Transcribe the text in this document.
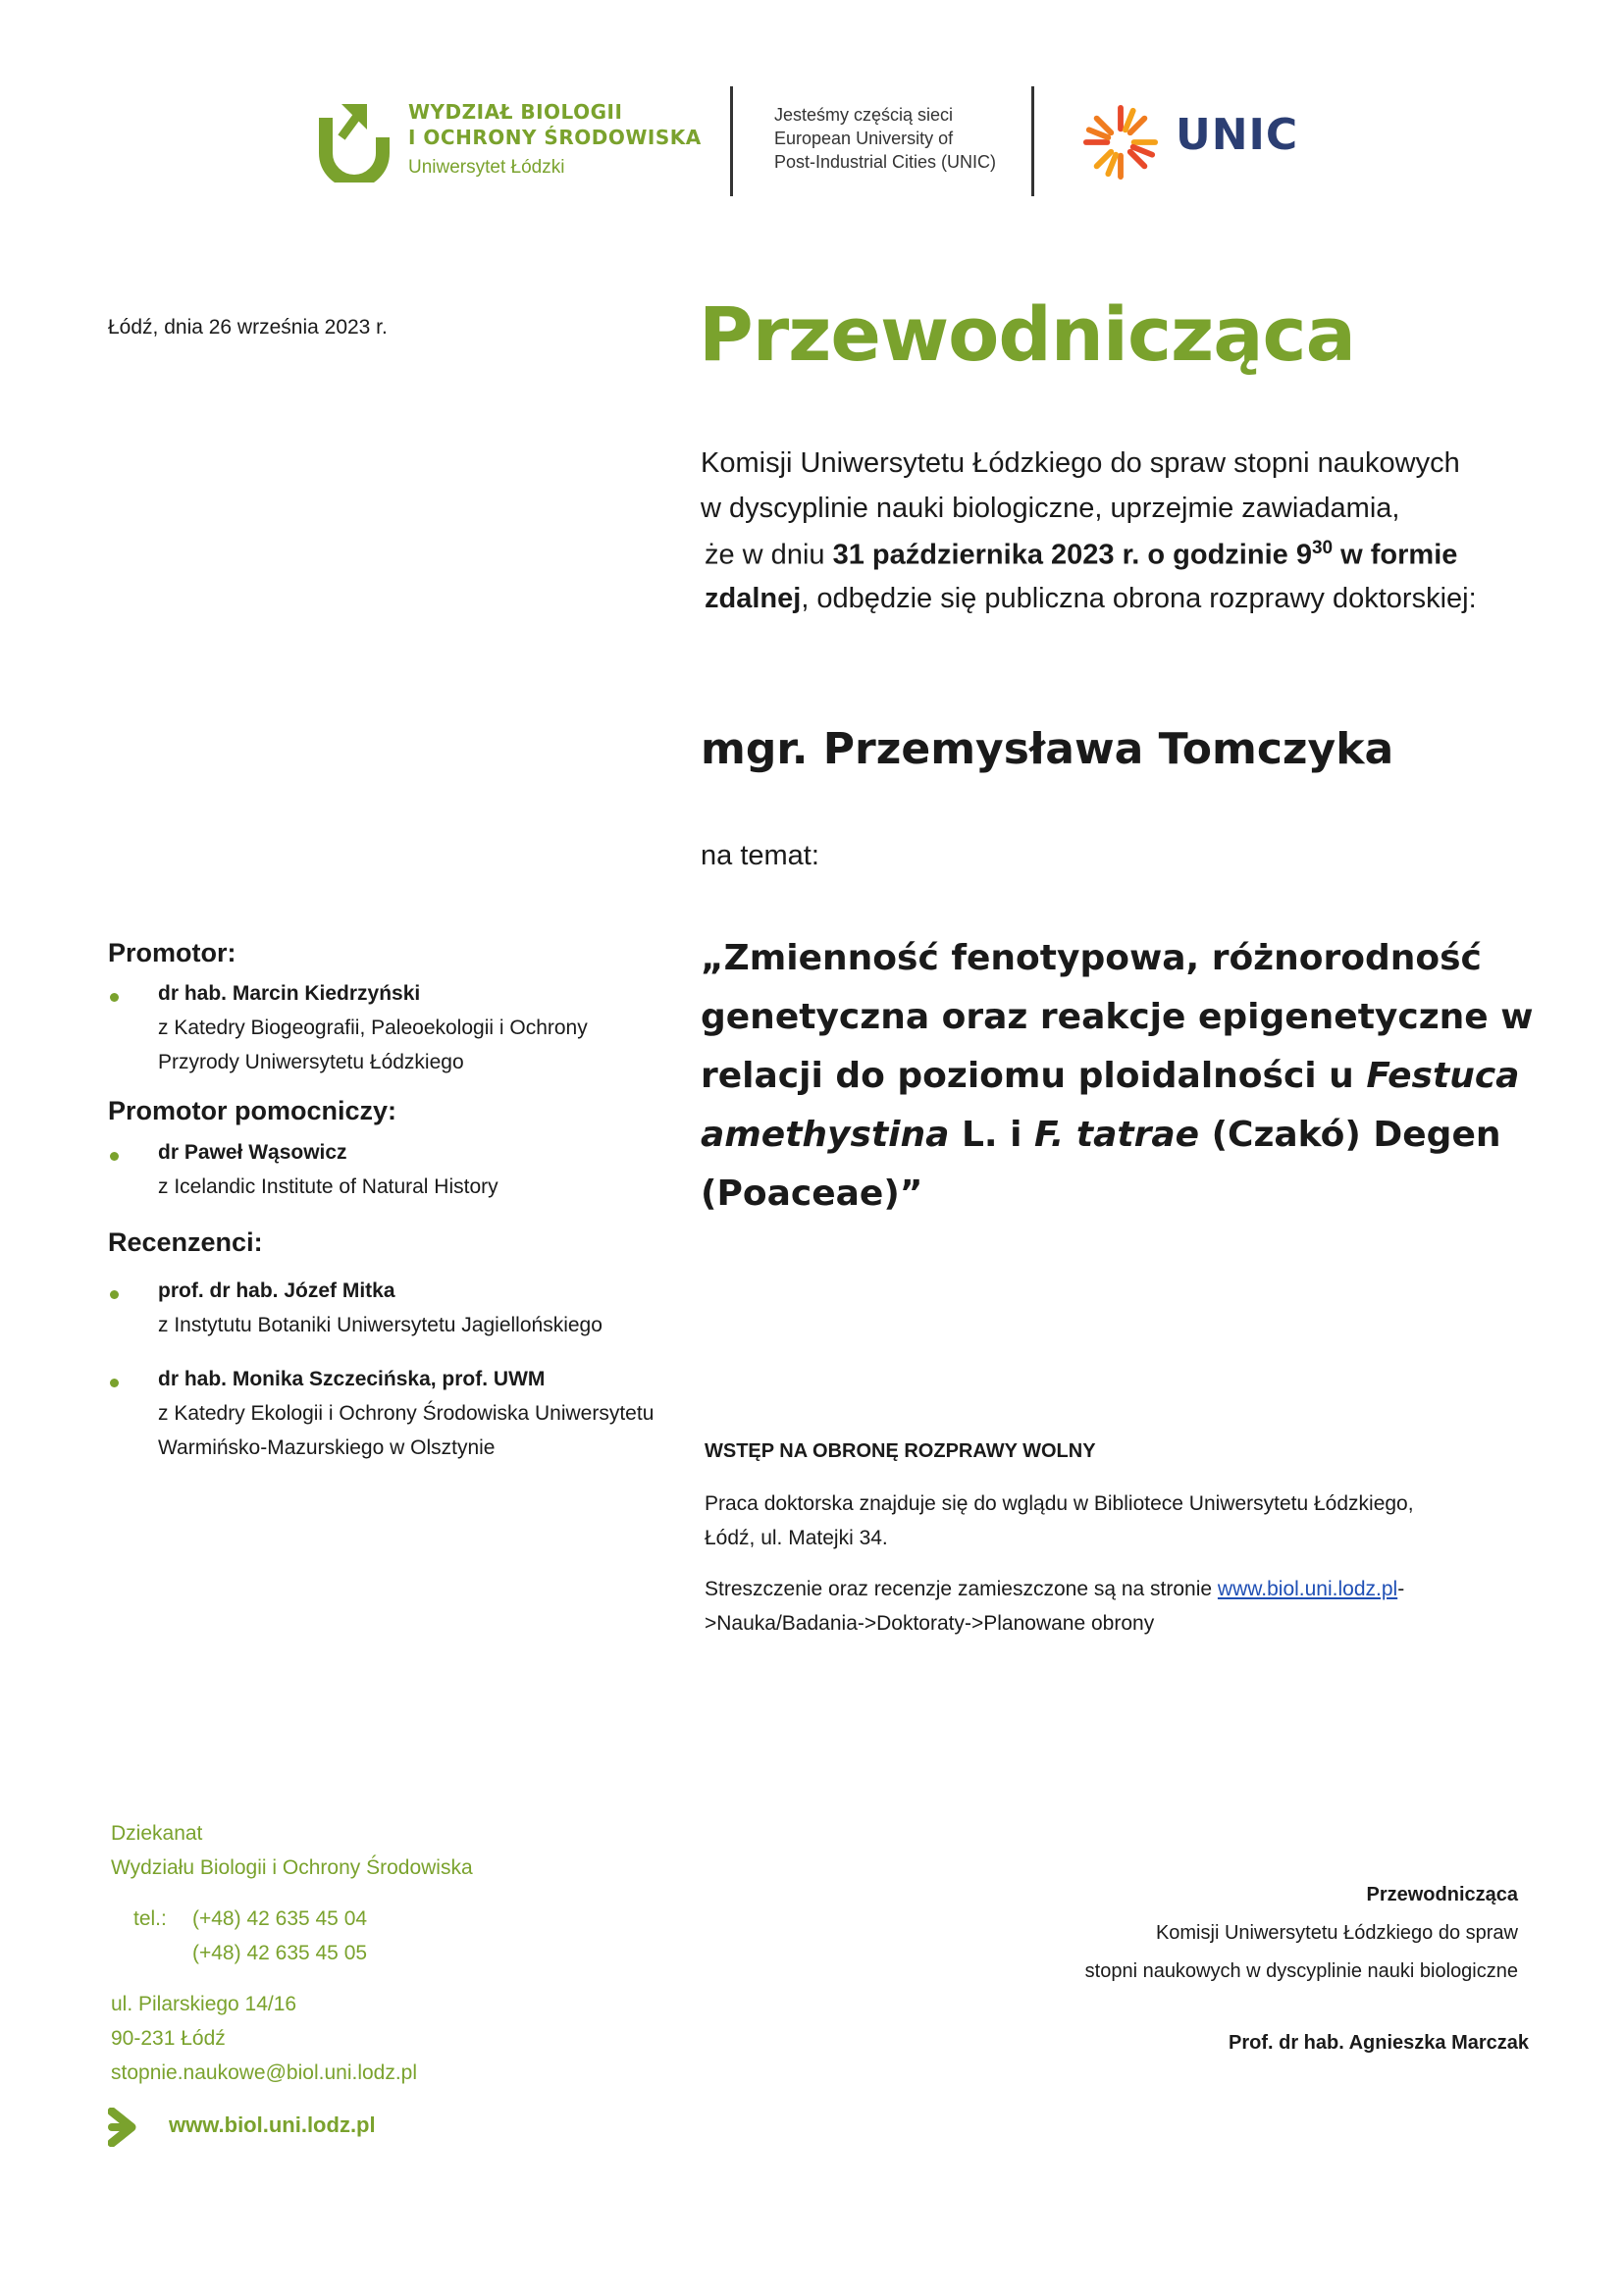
WYDZIAŁ BIOLOGII
I OCHRONY ŚRODOWISKA
Uniwersytet Łódzki
Jesteśmy częścią sieci
European University of
Post-Industrial Cities (UNIC)
UNIC
Łódź, dnia 26 września 2023 r.	Przewodnicząca
Komisji Uniwersytetu Łódzkiego do spraw stopni naukowych
w dyscyplinie nauki biologiczne, uprzejmie zawiadamia,
że w dniu 31 października 2023 r. o godzinie $9^{30}$ w formie
zdalnej, odbędzie się publiczna obrona rozprawy doktorskiej:
mgr. Przemysława Tomczyka
na temat:
„Zmienność fenotypowa, różnorodność
genetyczna oraz reakcje epigenetyczne w
relacji do poziomu ploidalności u Festuca
amethystina L. i F. tatrae (Czakó) Degen
(Poaceae)”
Promotor:
dr hab. Marcin Kiedrzyński
z Katedry Biogeografii, Paleoekologii i Ochrony
Przyrody Uniwersytetu Łódzkiego
Promotor pomocniczy:
dr Paweł Wąsowicz
z Icelandic Institute of Natural History
Recenzenci:
prof. dr hab. Józef Mitka
z Instytutu Botaniki Uniwersytetu Jagiellońskiego
dr hab. Monika Szczecińska, prof. UWM
z Katedry Ekologii i Ochrony Środowiska Uniwersytetu
Warmińsko-Mazurskiego w Olsztynie	WSTĘP NA OBRONĘ ROZPRAWY WOLNY
Praca doktorska znajduje się do wglądu w Bibliotece Uniwersytetu Łódzkiego,
Łódź, ul. Matejki 34.
Streszczenie oraz recenzje zamieszczone są na stronie www.biol.uni.lodz.pl-
>Nauka/Badania->Doktoraty->Planowane obrony
Dziekanat
Wydziału Biologii i Ochrony Środowiska
tel.: (+48) 42 635 45 04
(+48) 42 635 45 05
ul. Pilarskiego 14/16
90-231 Łódź
stopnie.naukowe@biol.uni.lodz.pl
www.biol.uni.lodz.pl
Przewodnicząca
Komisji Uniwersytetu Łódzkiego do spraw
stopni naukowych w dyscyplinie nauki biologiczne
Prof. dr hab. Agnieszka Marczak
